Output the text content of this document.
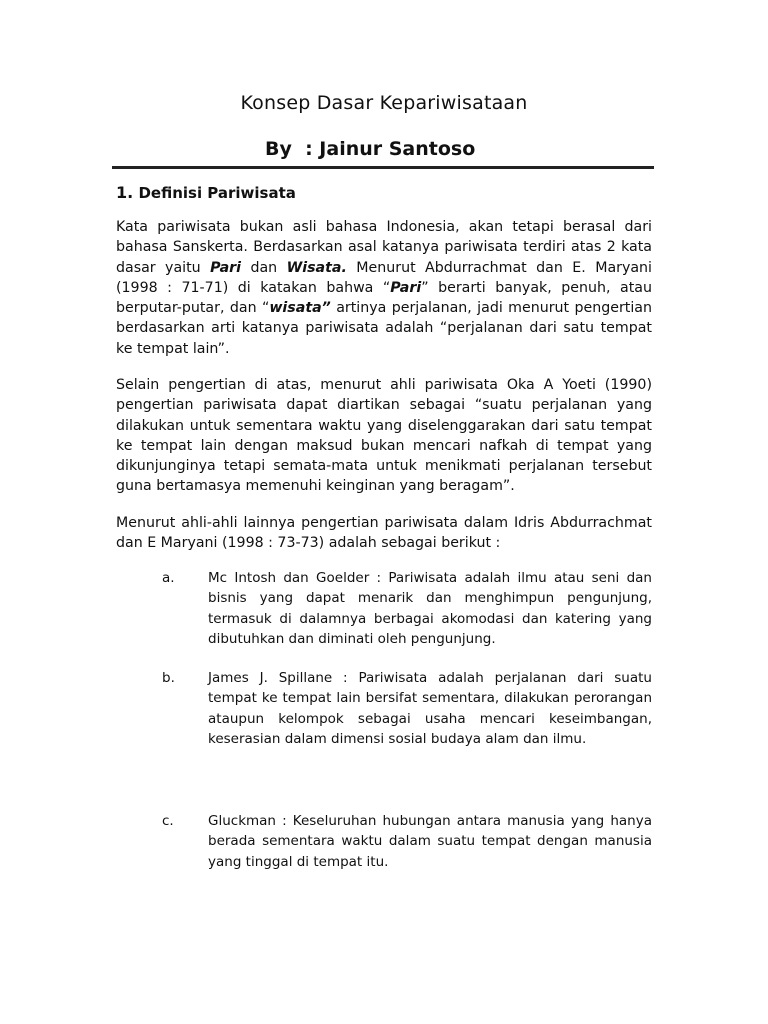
Konsep Dasar Kepariwisataan
By  : Jainur Santoso
1. Definisi Pariwisata
Kata pariwisata bukan asli bahasa Indonesia, akan tetapi berasal dari bahasa Sanskerta. Berdasarkan asal katanya pariwisata terdiri atas 2 kata dasar yaitu Pari dan Wisata. Menurut Abdurrachmat dan E. Maryani (1998 : 71-71) di katakan bahwa “Pari” berarti banyak, penuh, atau berputar-putar, dan “wisata” artinya perjalanan, jadi menurut pengertian berdasarkan arti katanya pariwisata adalah “perjalanan dari satu tempat ke tempat lain”.
Selain pengertian di atas, menurut ahli pariwisata Oka A Yoeti (1990) pengertian pariwisata dapat diartikan sebagai “suatu perjalanan yang dilakukan untuk sementara waktu yang diselenggarakan dari satu tempat ke tempat lain dengan maksud bukan mencari nafkah di tempat yang dikunjunginya tetapi semata-mata untuk menikmati perjalanan tersebut guna bertamasya memenuhi keinginan yang beragam”.
Menurut ahli-ahli lainnya pengertian pariwisata dalam Idris Abdurrachmat dan E Maryani (1998 : 73-73) adalah sebagai berikut :
a. Mc Intosh dan Goelder : Pariwisata adalah ilmu atau seni dan bisnis yang dapat menarik dan menghimpun pengunjung, termasuk di dalamnya berbagai akomodasi dan katering yang dibutuhkan dan diminati oleh pengunjung.
b. James J. Spillane : Pariwisata adalah perjalanan dari suatu tempat ke tempat lain bersifat sementara, dilakukan perorangan ataupun kelompok sebagai usaha mencari keseimbangan, keserasian dalam dimensi sosial budaya alam dan ilmu.
c.	Gluckman : Keseluruhan hubungan antara manusia yang hanya berada sementara waktu dalam suatu tempat dengan manusia yang tinggal di tempat itu.
